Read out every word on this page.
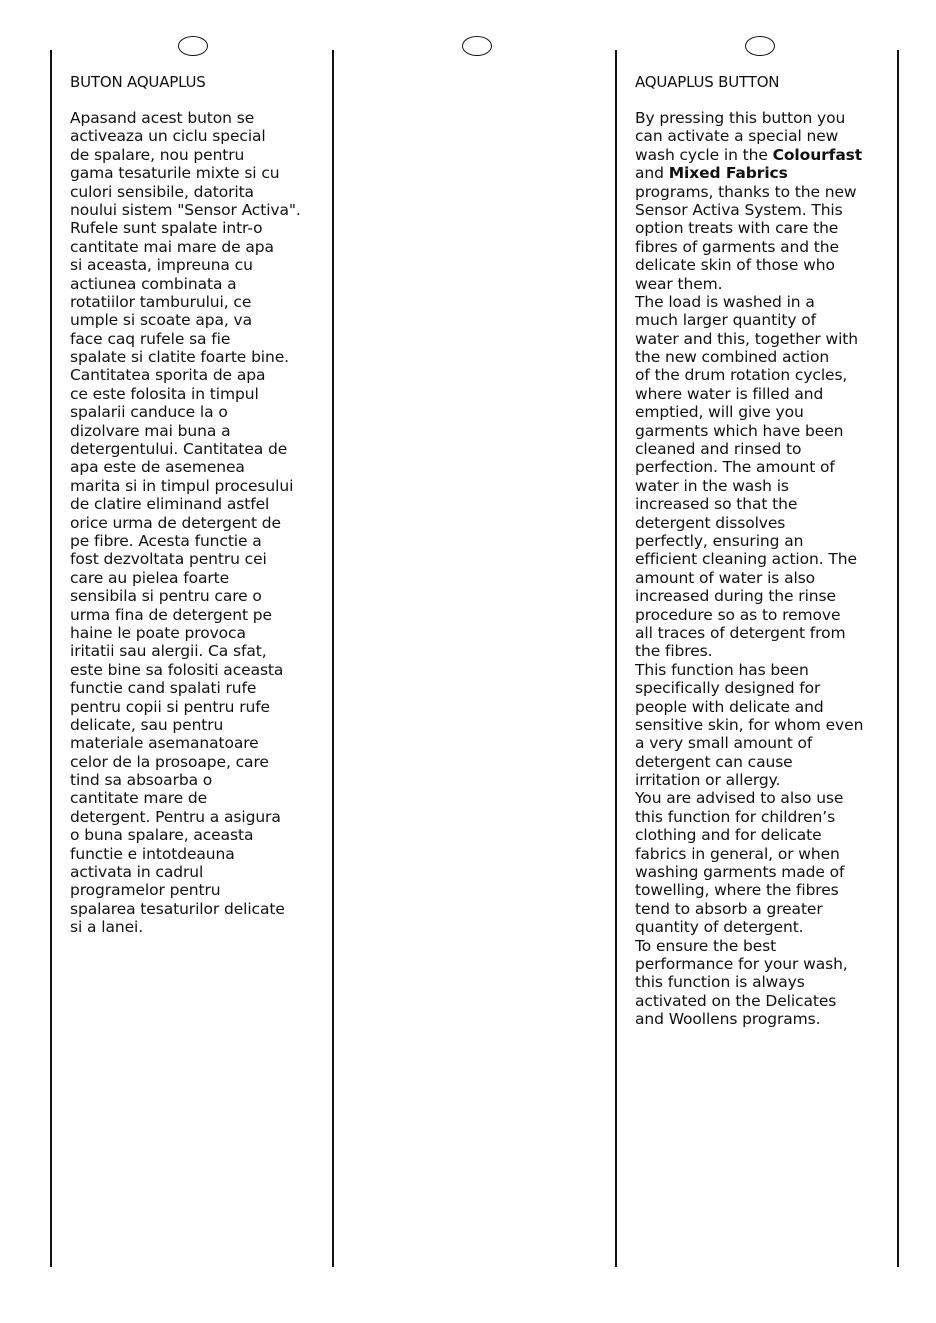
BUTON AQUAPLUS
Apasand acest buton se
activeaza un ciclu special
de spalare, nou pentru
gama tesaturile mixte si cu
culori sensibile, datorita
noului sistem "Sensor Activa".
Rufele sunt spalate intr-o
cantitate mai mare de apa
si aceasta, impreuna cu
actiunea combinata a
rotatiilor tamburului, ce
umple si scoate apa, va
face caq rufele sa fie
spalate si clatite foarte bine.
Cantitatea sporita de apa
ce este folosita in timpul
spalarii canduce la o
dizolvare mai buna a
detergentului. Cantitatea de
apa este de asemenea
marita si in timpul procesului
de clatire eliminand astfel
orice urma de detergent de
pe fibre. Acesta functie a
fost dezvoltata pentru cei
care au pielea foarte
sensibila si pentru care o
urma fina de detergent pe
haine le poate provoca
iritatii sau alergii. Ca sfat,
este bine sa folositi aceasta
functie cand spalati rufe
pentru copii si pentru rufe
delicate, sau pentru
materiale asemanatoare
celor de la prosoape, care
tind sa absoarba o
cantitate mare de
detergent. Pentru a asigura
o buna spalare, aceasta
functie e intotdeauna
activata in cadrul
programelor pentru
spalarea tesaturilor delicate
si a lanei.
AQUAPLUS BUTTON
By pressing this button you
can activate a special new
wash cycle in the Colourfast
and Mixed Fabrics
programs, thanks to the new
Sensor Activa System. This
option treats with care the
fibres of garments and the
delicate skin of those who
wear them.
The load is washed in a
much larger quantity of
water and this, together with
the new combined action
of the drum rotation cycles,
where water is filled and
emptied, will give you
garments which have been
cleaned and rinsed to
perfection. The amount of
water in the wash is
increased so that the
detergent dissolves
perfectly, ensuring an
efficient cleaning action. The
amount of water is also
increased during the rinse
procedure so as to remove
all traces of detergent from
the fibres.
This function has been
specifically designed for
people with delicate and
sensitive skin, for whom even
a very small amount of
detergent can cause
irritation or allergy.
You are advised to also use
this function for children’s
clothing and for delicate
fabrics in general, or when
washing garments made of
towelling, where the fibres
tend to absorb a greater
quantity of detergent.
To ensure the best
performance for your wash,
this function is always
activated on the Delicates
and Woollens programs.
